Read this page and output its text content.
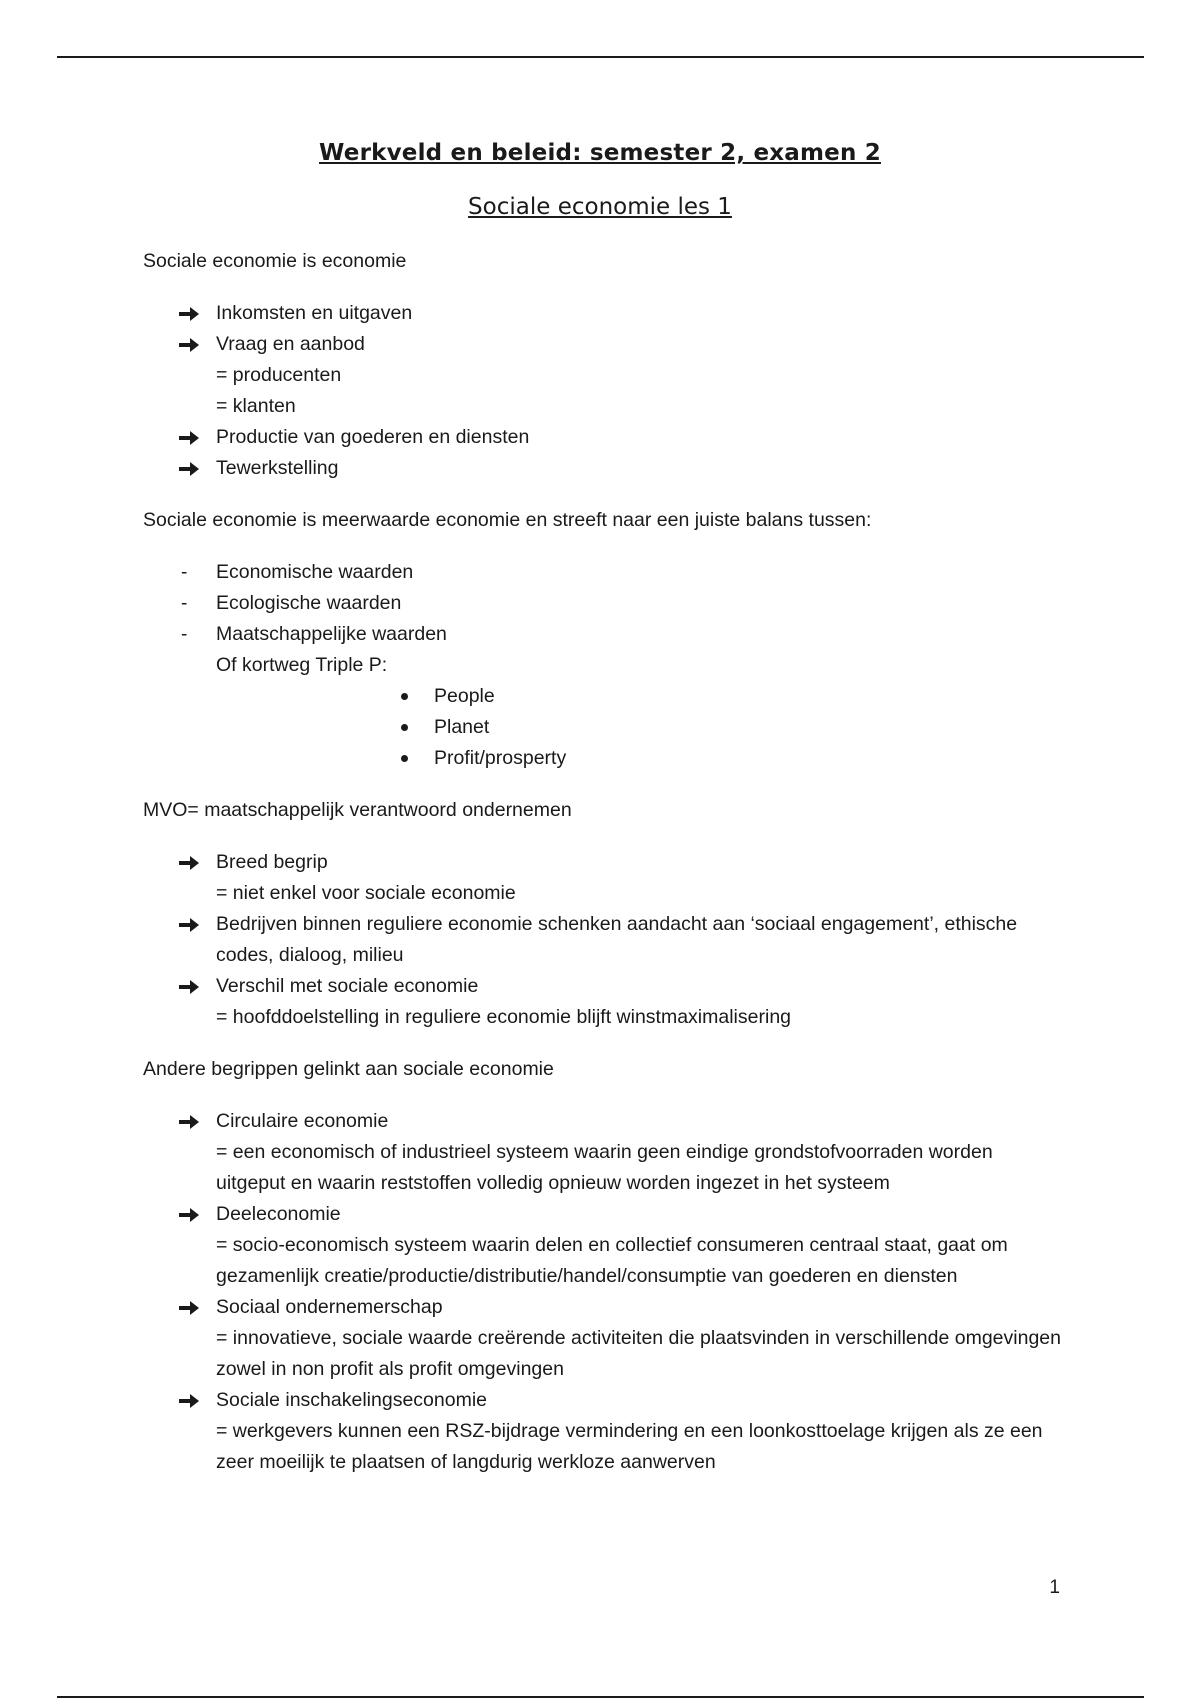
Werkveld en beleid: semester 2, examen 2
Sociale economie les 1

Sociale economie is economie

Inkomsten en uitgaven
Vraag en aanbod
= producenten
= klanten
Productie van goederen en diensten
Tewerkstelling

Sociale economie is meerwaarde economie en streeft naar een juiste balans tussen:

-	Economische waarden
-	Ecologische waarden
-	Maatschappelijke waarden
Of kortweg Triple P:
People
Planet
Profit/prosperty

MVO= maatschappelijk verantwoord ondernemen

Breed begrip
= niet enkel voor sociale economie
Bedrijven binnen reguliere economie schenken aandacht aan ‘sociaal engagement’, ethische codes, dialoog, milieu
Verschil met sociale economie
= hoofddoelstelling in reguliere economie blijft winstmaximalisering

Andere begrippen gelinkt aan sociale economie

Circulaire economie
= een economisch of industrieel systeem waarin geen eindige grondstofvoorraden worden uitgeput en waarin reststoffen volledig opnieuw worden ingezet in het systeem
Deeleconomie
= socio-economisch systeem waarin delen en collectief consumeren centraal staat, gaat om gezamenlijk creatie/productie/distributie/handel/consumptie van goederen en diensten
Sociaal ondernemerschap
= innovatieve, sociale waarde creërende activiteiten die plaatsvinden in verschillende omgevingen zowel in non profit als profit omgevingen
Sociale inschakelingseconomie
= werkgevers kunnen een RSZ-bijdrage vermindering en een loonkosttoelage krijgen als ze een zeer moeilijk te plaatsen of langdurig werkloze aanwerven
1
